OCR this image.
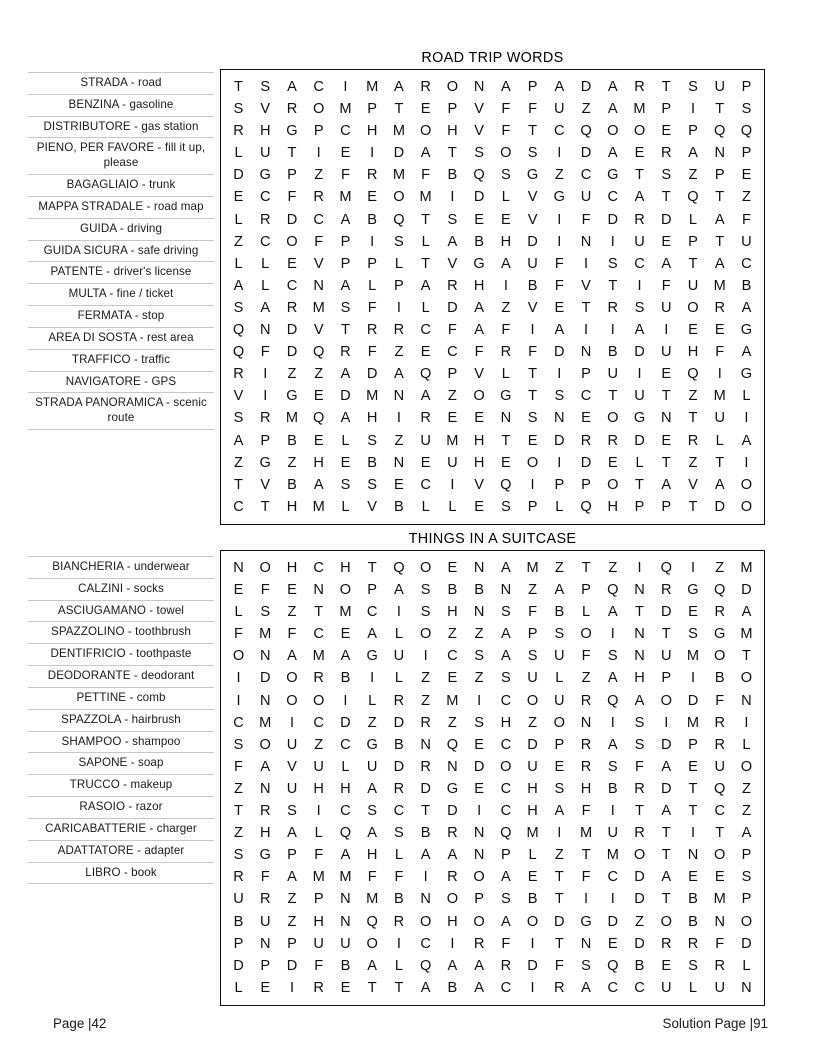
STRADA - road
BENZINA - gasoline
DISTRIBUTORE - gas station
PIENO, PER FAVORE - fill it up, please
BAGAGLIAIO - trunk
MAPPA STRADALE - road map
GUIDA - driving
GUIDA SICURA - safe driving
PATENTE - driver's license
MULTA - fine / ticket
FERMATA - stop
AREA DI SOSTA - rest area
TRAFFICO - traffic
NAVIGATORE - GPS
STRADA PANORAMICA - scenic route
ROAD TRIP WORDS
T	S	A	C	I	M	A	R	O	N	A	P	A	D	A	R	T	S	U	P
S	V	R	O	M	P	T	E	P	V	F	F	U	Z	A	M	P	I	T	S
R	H	G	P	C	H	M	O	H	V	F	T	C	Q	O	O	E	P	Q	Q
L	U	T	I	E	I	D	A	T	S	O	S	I	D	A	E	R	A	N	P
D	G	P	Z	F	R	M	F	B	Q	S	G	Z	C	G	T	S	Z	P	E
E	C	F	R	M	E	O	M	I	D	L	V	G	U	C	A	T	Q	T	Z
L	R	D	C	A	B	Q	T	S	E	E	V	I	F	D	R	D	L	A	F
Z	C	O	F	P	I	S	L	A	B	H	D	I	N	I	U	E	P	T	U
L	L	E	V	P	P	L	T	V	G	A	U	F	I	S	C	A	T	A	C
A	L	C	N	A	L	P	A	R	H	I	B	F	V	T	I	F	U	M	B
S	A	R	M	S	F	I	L	D	A	Z	V	E	T	R	S	U	O	R	A
Q	N	D	V	T	R	R	C	F	A	F	I	A	I	I	A	I	E	E	G
Q	F	D	Q	R	F	Z	E	C	F	R	F	D	N	B	D	U	H	F	A
R	I	Z	Z	A	D	A	Q	P	V	L	T	I	P	U	I	E	Q	I	G
V	I	G	E	D	M	N	A	Z	O	G	T	S	C	T	U	T	Z	M	L
S	R	M	Q	A	H	I	R	E	E	N	S	N	E	O	G	N	T	U	I
A	P	B	E	L	S	Z	U	M	H	T	E	D	R	R	D	E	R	L	A
Z	G	Z	H	E	B	N	E	U	H	E	O	I	D	E	L	T	Z	T	I
T	V	B	A	S	S	E	C	I	V	Q	I	P	P	O	T	A	V	A	O
C	T	H	M	L	V	B	L	L	E	S	P	L	Q	H	P	P	T	D	O
BIANCHERIA - underwear
CALZINI - socks
ASCIUGAMANO - towel
SPAZZOLINO - toothbrush
DENTIFRICIO - toothpaste
DEODORANTE - deodorant
PETTINE - comb
SPAZZOLA - hairbrush
SHAMPOO - shampoo
SAPONE - soap
TRUCCO - makeup
RASOIO - razor
CARICABATTERIE - charger
ADATTATORE - adapter
LIBRO - book
THINGS IN A SUITCASE
N	O	H	C	H	T	Q	O	E	N	A	M	Z	T	Z	I	Q	I	Z	M
E	F	E	N	O	P	A	S	B	B	N	Z	A	P	Q	N	R	G	Q	D
L	S	Z	T	M	C	I	S	H	N	S	F	B	L	A	T	D	E	R	A
F	M	F	C	E	A	L	O	Z	Z	A	P	S	O	I	N	T	S	G	M
O	N	A	M	A	G	U	I	C	S	A	S	U	F	S	N	U	M	O	T
I	D	O	R	B	I	L	Z	E	Z	S	U	L	Z	A	H	P	I	B	O
I	N	O	O	I	L	R	Z	M	I	C	O	U	R	Q	A	O	D	F	N
C	M	I	C	D	Z	D	R	Z	S	H	Z	O	N	I	S	I	M	R	I
S	O	U	Z	C	G	B	N	Q	E	C	D	P	R	A	S	D	P	R	L
F	A	V	U	L	U	D	R	N	D	O	U	E	R	S	F	A	E	U	O
Z	N	U	H	H	A	R	D	G	E	C	H	S	H	B	R	D	T	Q	Z
T	R	S	I	C	S	C	T	D	I	C	H	A	F	I	T	A	T	C	Z
Z	H	A	L	Q	A	S	B	R	N	Q	M	I	M	U	R	T	I	T	A
S	G	P	F	A	H	L	A	A	N	P	L	Z	T	M	O	T	N	O	P
R	F	A	M M	F	F	I	R	O	A	E	T	F	C	D	A	E	E	S
U	R	Z	P	N	M	B	N	O	P	S	B	T	I	I	D	T	B	M	P
B	U	Z	H	N	Q	R	O	H	O	A	O	D	G	D	Z	O	B	N	O
P	N	P	U	U	O	I	C	I	R	F	I	T	N	E	D	R	R	F	D
D	P	D	F	B	A	L	Q	A	A	R	D	F	S	Q	B	E	S	R	L
L	E	I	R	E	T	T	A	B	A	C	I	R	A	C	C	U	L	U	N
Page |42	Solution Page |91
